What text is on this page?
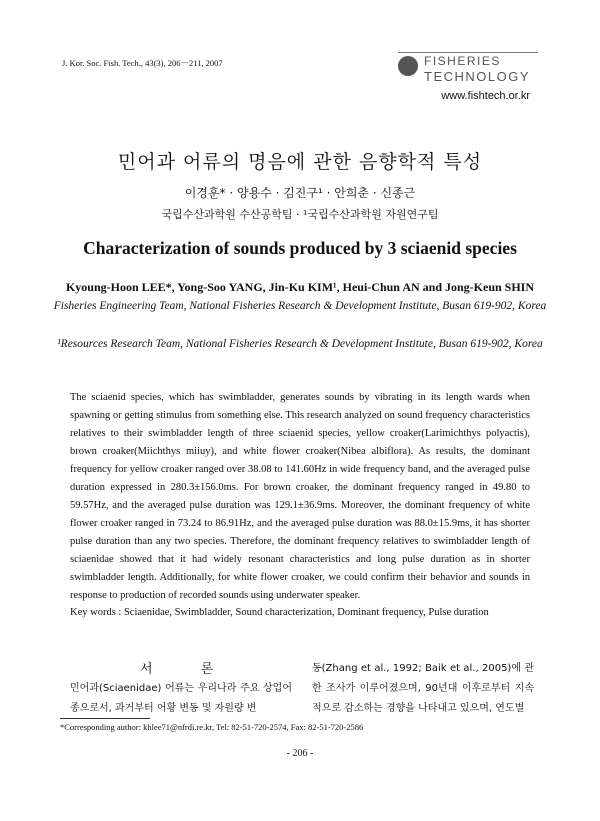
J. Kor. Soc. Fish. Tech., 43(3), 206－211, 2007	FISHERIES
TECHNOLOGY
www.fishtech.or.kr
민어과 어류의 명음에 관한 음향학적 특성
이경훈* · 양용수 · 김진구¹ · 안희춘 · 신종근
국립수산과학원 수산공학팀 · ¹국립수산과학원 자원연구팀
Characterization of sounds produced by 3 sciaenid species
Kyoung-Hoon LEE*, Yong-Soo YANG, Jin-Ku KIM¹, Heui-Chun AN and Jong-Keun SHIN
Fisheries Engineering Team, National Fisheries Research & Development Institute, Busan 619-902, Korea
¹Resources Research Team, National Fisheries Research & Development Institute, Busan 619-902, Korea
The sciaenid species, which has swimbladder, generates sounds by vibrating in its length wards when spawning or getting stimulus from something else. This research analyzed on sound frequency characteristics relatives to their swimbladder length of three sciaenid species, yellow croaker(Larimichthys polyactis), brown croaker(Miichthys miiuy), and white flower croaker(Nibea albiflora). As results, the dominant frequency for yellow croaker ranged over 38.08 to 141.60Hz in wide frequency band, and the averaged pulse duration expressed in 280.3±156.0ms. For brown croaker, the dominant frequency ranged in 49.80 to 59.57Hz, and the averaged pulse duration was 129.1±36.9ms. Moreover, the dominant frequency of white flower croaker ranged in 73.24 to 86.91Hz, and the averaged pulse duration was 88.0±15.9ms, it has shorter pulse duration than any two species. Therefore, the dominant frequency relatives to swimbladder length of sciaenidae showed that it had widely resonant characteristics and long pulse duration as in shorter swimbladder length. Additionally, for white flower croaker, we could confirm their behavior and sounds in response to production of recorded sounds using underwater speaker.
Key words : Sciaenidae, Swimbladder, Sound characterization, Dominant frequency, Pulse duration
서 론
민어과(Sciaenidae) 어류는 우리나라 주요 상업어종으로서, 과거부터 어황 변동 및 자원량 변
동(Zhang et al., 1992; Baik et al., 2005)에 관한 조사가 이루어졌으며, 90년대 이후로부터 지속적으로 감소하는 경향을 나타내고 있으며, 연도별
*Corresponding author: khlee71@nfrdi.re.kr, Tel: 82-51-720-2574, Fax: 82-51-720-2586
- 206 -
